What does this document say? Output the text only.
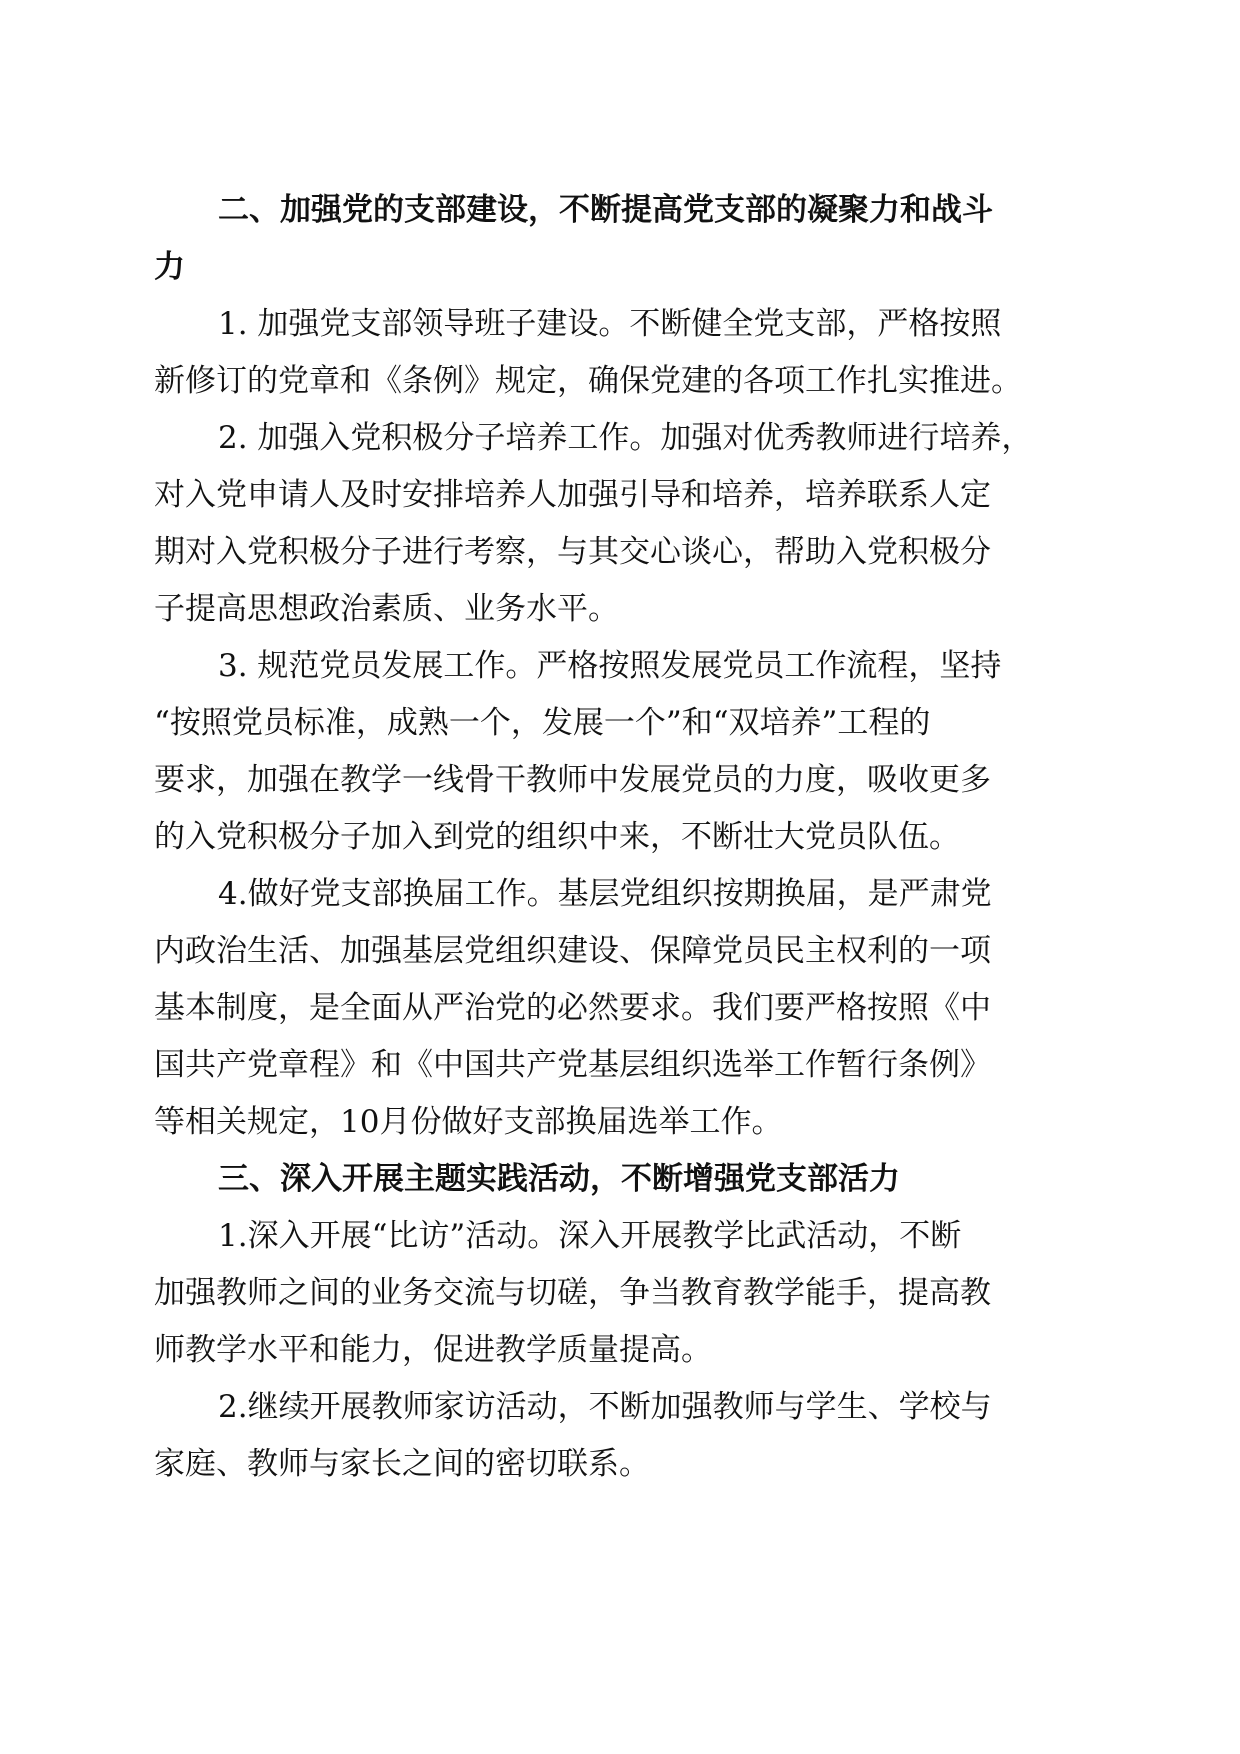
二、加强党的支部建设，不断提高党支部的凝聚力和战斗
力
1. 加强党支部领导班子建设。不断健全党支部，严格按照
新修订的党章和《条例》规定，确保党建的各项工作扎实推进。
2. 加强入党积极分子培养工作。加强对优秀教师进行培养，
对入党申请人及时安排培养人加强引导和培养，培养联系人定
期对入党积极分子进行考察，与其交心谈心，帮助入党积极分
子提高思想政治素质、业务水平。
3. 规范党员发展工作。严格按照发展党员工作流程，坚持
“按照党员标准，成熟一个，发展一个”和“双培养”工程的
要求，加强在教学一线骨干教师中发展党员的力度，吸收更多
的入党积极分子加入到党的组织中来，不断壮大党员队伍。
4.做好党支部换届工作。基层党组织按期换届，是严肃党
内政治生活、加强基层党组织建设、保障党员民主权利的一项
基本制度，是全面从严治党的必然要求。我们要严格按照《中
国共产党章程》和《中国共产党基层组织选举工作暂行条例》
等相关规定，10月份做好支部换届选举工作。
三、深入开展主题实践活动，不断增强党支部活力
1.深入开展“比访”活动。深入开展教学比武活动，不断
加强教师之间的业务交流与切磋，争当教育教学能手，提高教
师教学水平和能力，促进教学质量提高。
2.继续开展教师家访活动，不断加强教师与学生、学校与
家庭、教师与家长之间的密切联系。
